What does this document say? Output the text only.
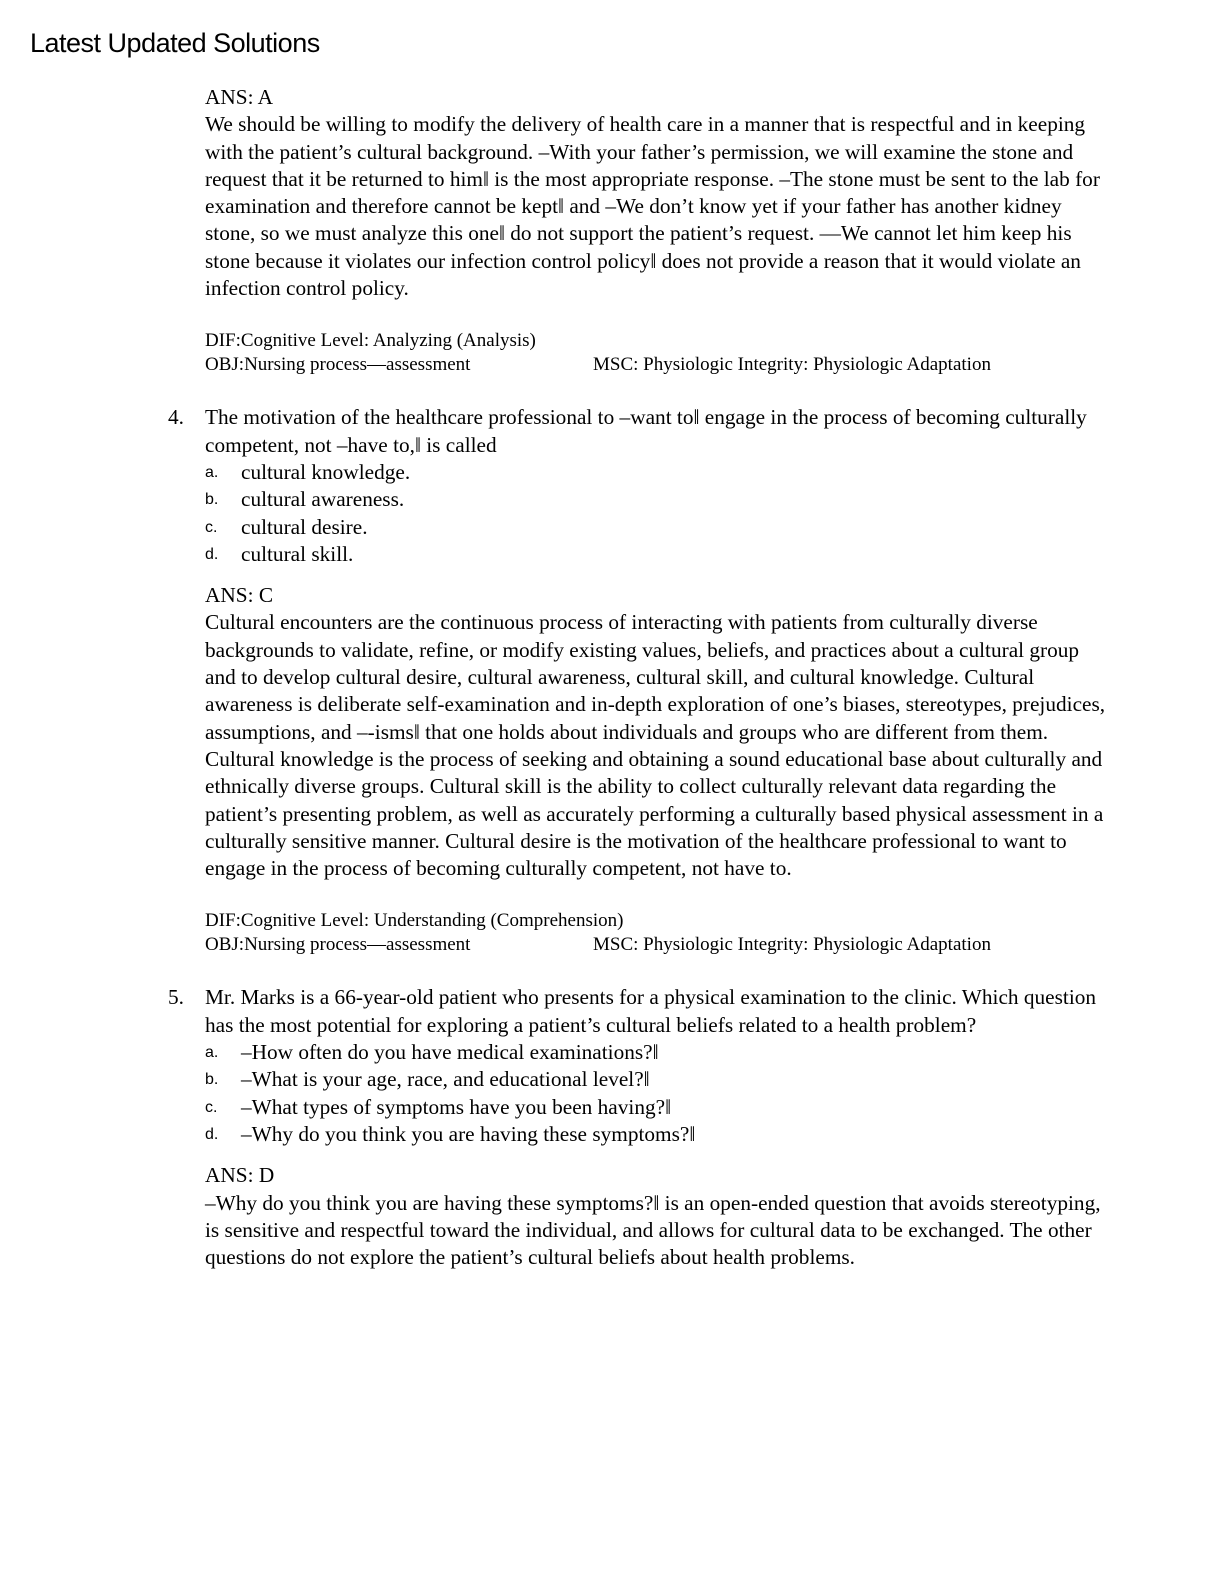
Latest Updated Solutions

ANS: A

We should be willing to modify the delivery of health care in a manner that is respectful and in keeping with the patient’s cultural background. ‒With your father’s permission, we will examine the stone and request that it be returned to him‖ is the most appropriate response. ‒The stone must be sent to the lab for examination and therefore cannot be kept‖ and ‒We don’t know yet if your father has another kidney stone, so we must analyze this one‖ do not support the patient’s request. ―We cannot let him keep his stone because it violates our infection control policy‖ does not provide a reason that it would violate an infection control policy.

DIF:Cognitive Level: Analyzing (Analysis)
OBJ:Nursing process—assessment	MSC: Physiologic Integrity: Physiologic Adaptation
4. The motivation of the healthcare professional to ‒want to‖ engage in the process of becoming culturally competent, not ‒have to,‖ is called

a. cultural knowledge.
b. cultural awareness.
c. cultural desire.
d. cultural skill.

ANS: C

Cultural encounters are the continuous process of interacting with patients from culturally diverse backgrounds to validate, refine, or modify existing values, beliefs, and practices about a cultural group and to develop cultural desire, cultural awareness, cultural skill, and cultural knowledge. Cultural awareness is deliberate self-examination and in-depth exploration of one’s biases, stereotypes, prejudices, assumptions, and ‒-isms‖ that one holds about individuals and groups who are different from them. Cultural knowledge is the process of seeking and obtaining a sound educational base about culturally and ethnically diverse groups. Cultural skill is the ability to collect culturally relevant data regarding the patient’s presenting problem, as well as accurately performing a culturally based physical assessment in a culturally sensitive manner. Cultural desire is the motivation of the healthcare professional to want to engage in the process of becoming culturally competent, not have to.

DIF:Cognitive Level: Understanding (Comprehension)
OBJ:Nursing process—assessment	MSC: Physiologic Integrity: Physiologic Adaptation
5. Mr. Marks is a 66-year-old patient who presents for a physical examination to the clinic. Which question has the most potential for exploring a patient’s cultural beliefs related to a health problem?

a. ‒How often do you have medical examinations?‖
b. ‒What is your age, race, and educational level?‖
c. ‒What types of symptoms have you been having?‖
d. ‒Why do you think you are having these symptoms?‖

ANS: D

‒Why do you think you are having these symptoms?‖ is an open-ended question that avoids stereotyping, is sensitive and respectful toward the individual, and allows for cultural data to be exchanged. The other questions do not explore the patient’s cultural beliefs about health problems.
